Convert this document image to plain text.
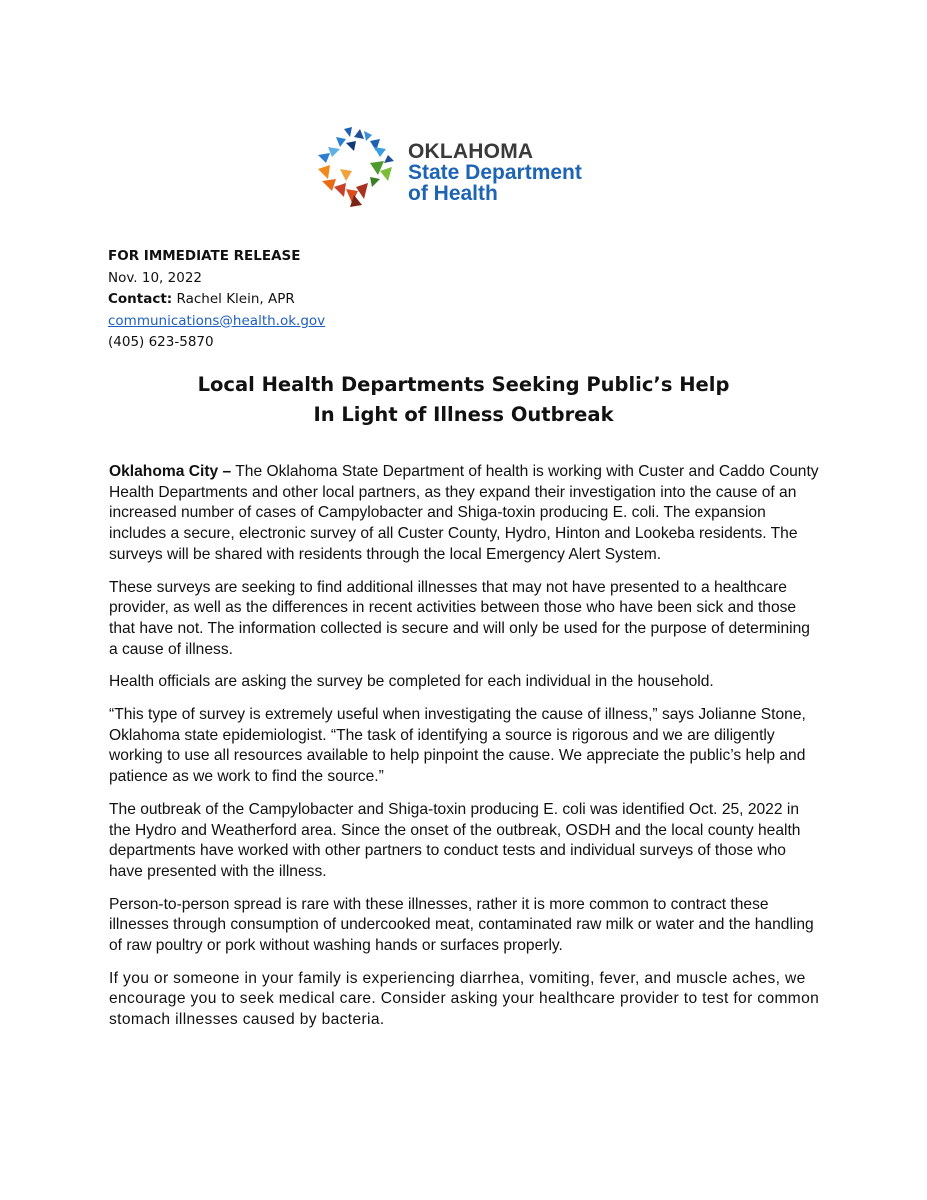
OKLAHOMA
State Department
of Health
FOR IMMEDIATE RELEASE
Nov. 10, 2022
Contact: Rachel Klein, APR
communications@health.ok.gov
(405) 623-5870
Local Health Departments Seeking Public’s Help
In Light of Illness Outbreak

Oklahoma City – The Oklahoma State Department of health is working with Custer and Caddo County Health Departments and other local partners, as they expand their investigation into the cause of an increased number of cases of Campylobacter and Shiga-toxin producing E. coli. The expansion includes a secure, electronic survey of all Custer County, Hydro, Hinton and Lookeba residents. The surveys will be shared with residents through the local Emergency Alert System.

These surveys are seeking to find additional illnesses that may not have presented to a healthcare provider, as well as the differences in recent activities between those who have been sick and those that have not. The information collected is secure and will only be used for the purpose of determining a cause of illness.

Health officials are asking the survey be completed for each individual in the household.

“This type of survey is extremely useful when investigating the cause of illness,” says Jolianne Stone, Oklahoma state epidemiologist. “The task of identifying a source is rigorous and we are diligently working to use all resources available to help pinpoint the cause. We appreciate the public’s help and patience as we work to find the source.”

The outbreak of the Campylobacter and Shiga-toxin producing E. coli was identified Oct. 25, 2022 in the Hydro and Weatherford area. Since the onset of the outbreak, OSDH and the local county health departments have worked with other partners to conduct tests and individual surveys of those who have presented with the illness.

Person-to-person spread is rare with these illnesses, rather it is more common to contract these illnesses through consumption of undercooked meat, contaminated raw milk or water and the handling of raw poultry or pork without washing hands or surfaces properly.

If you or someone in your family is experiencing diarrhea, vomiting, fever, and muscle aches, we encourage you to seek medical care. Consider asking your healthcare provider to test for common stomach illnesses caused by bacteria.
